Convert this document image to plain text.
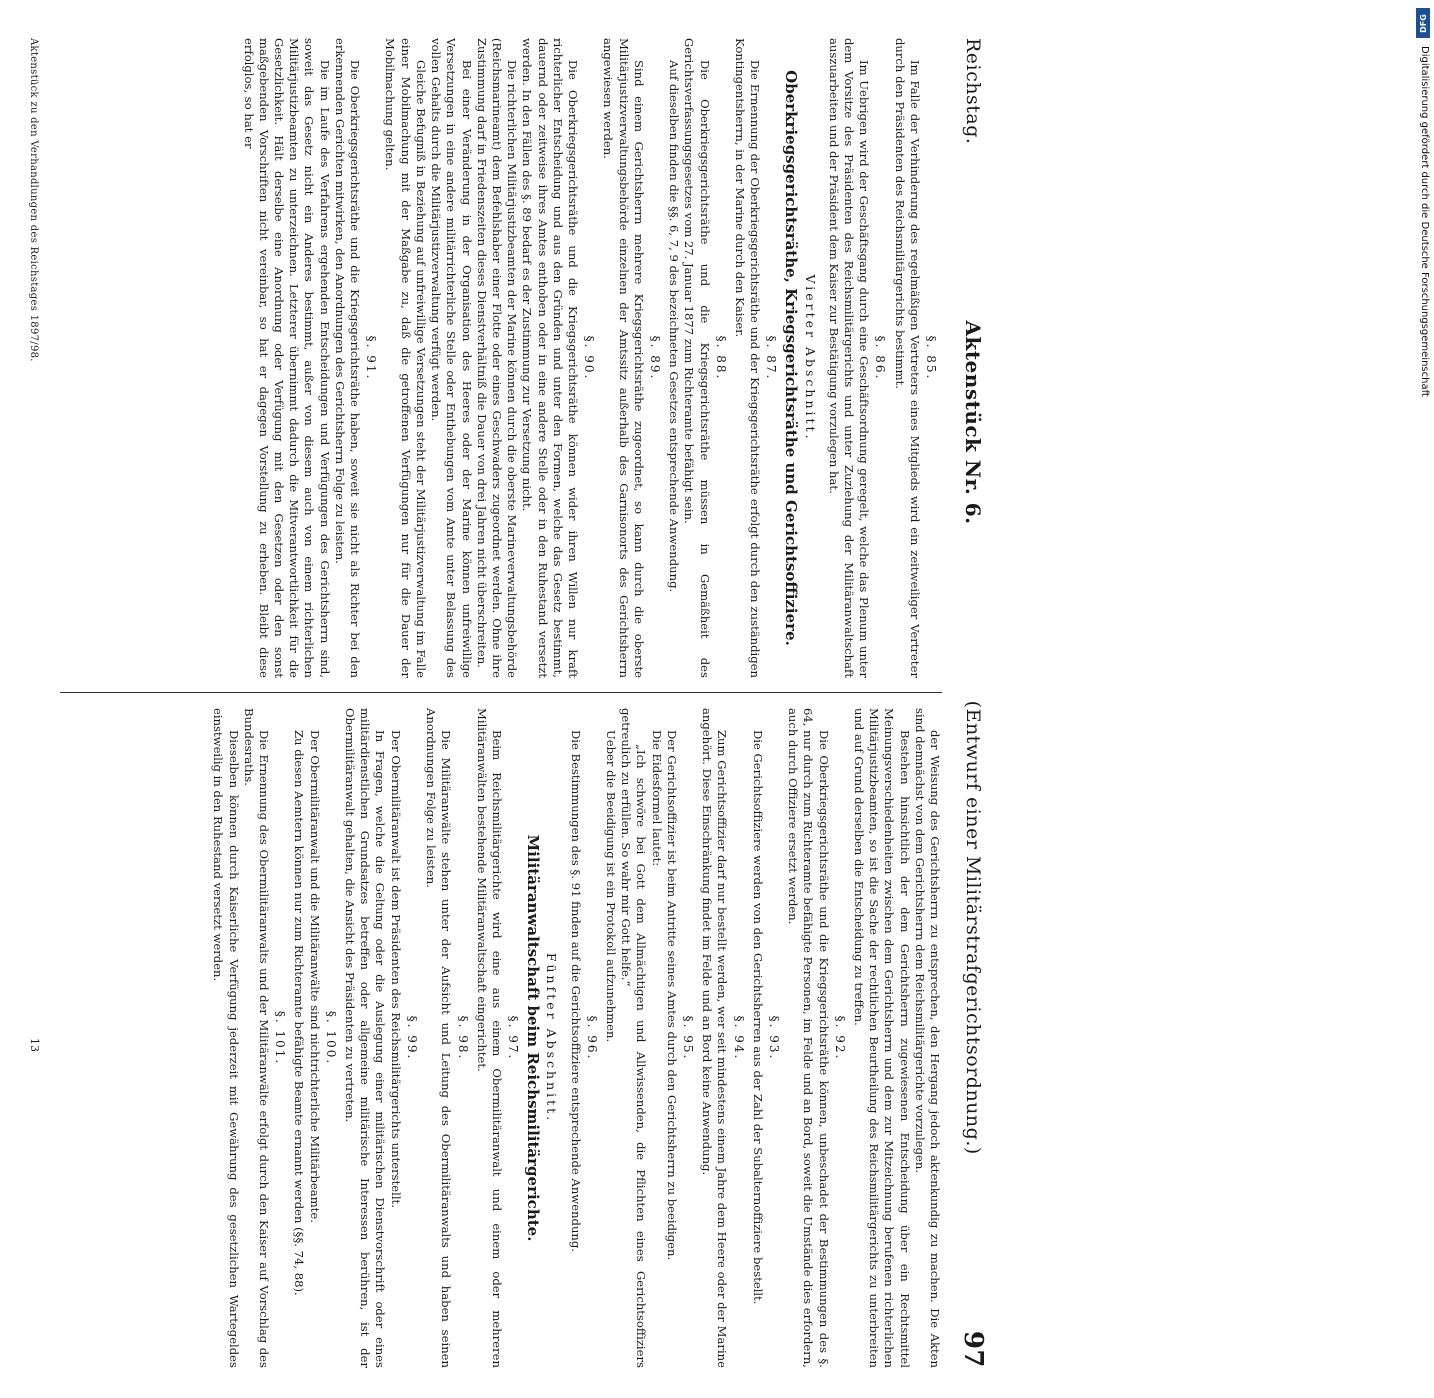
Reichstag.
Aktenstück Nr. 6.
(Entwurf einer Militärstrafgerichtsordnung.)
97

§. 85.

Im Falle der Verhinderung des regelmäßigen Vertreters eines Mitglieds wird ein zeitweiliger Vertreter durch den Präsidenten des Reichsmilitärgerichts bestimmt.

§. 86.

Im Uebrigen wird der Geschäftsgang durch eine Geschäftsordnung geregelt, welche das Plenum unter dem Vorsitze des Präsidenten des Reichsmilitärgerichts und unter Zuziehung der Militäranwaltschaft auszuarbeiten und der Präsident dem Kaiser zur Bestätigung vorzulegen hat.

Vierter Abschnitt.

Oberkriegsgerichtsräthe, Kriegsgerichtsräthe und Gerichtsoffiziere.

§. 87.

Die Ernennung der Oberkriegsgerichtsräthe und der Kriegsgerichtsräthe erfolgt durch den zuständigen Kontingentsherrn, in der Marine durch den Kaiser.

§. 88.

Die Oberkriegsgerichtsräthe und die Kriegsgerichtsräthe müssen in Gemäßheit des Gerichtsverfassungsgesetzes vom 27. Januar 1877 zum Richteramte befähigt sein.

Auf dieselben finden die §§. 6, 7, 9 des bezeichneten Gesetzes entsprechende Anwendung.

§. 89.

Sind einem Gerichtsherrn mehrere Kriegsgerichtsräthe zugeordnet, so kann durch die oberste Militärjustizverwaltungsbehörde einzelnen der Amtssitz außerhalb des Garnisonorts des Gerichtsherrn angewiesen werden.

§. 90.

Die Oberkriegsgerichtsräthe und die Kriegsgerichtsräthe können wider ihren Willen nur kraft richterlicher Entscheidung und aus den Gründen und unter den Formen, welche das Gesetz bestimmt, dauernd oder zeitweise ihres Amtes enthoben oder in eine andere Stelle oder in den Ruhestand versetzt werden. In den Fällen des §. 89 bedarf es der Zustimmung zur Versetzung nicht.

Die richterlichen Militärjustizbeamten der Marine können durch die oberste Marineverwaltungsbehörde (Reichsmarineamt) dem Befehlshaber einer Flotte oder eines Geschwaders zugeordnet werden. Ohne ihre Zustimmung darf in Friedenszeiten dieses Dienstverhältniß die Dauer von drei Jahren nicht überschreiten.

Bei einer Veränderung in der Organisation des Heeres oder der Marine können unfreiwillige Versetzungen in eine andere militärrichterliche Stelle oder Enthebungen vom Amte unter Belassung des vollen Gehalts durch die Militärjustizverwaltung verfügt werden.

Gleiche Befugniß in Beziehung auf unfreiwillige Versetzungen steht der Militärjustizverwaltung im Falle einer Mobilmachung mit der Maßgabe zu, daß die getroffenen Verfügungen nur für die Dauer der Mobilmachung gelten.

§. 91.

Die Oberkriegsgerichtsräthe und die Kriegsgerichtsräthe haben, soweit sie nicht als Richter bei den erkennenden Gerichten mitwirken, den Anordnungen des Gerichtsherrn Folge zu leisten.

Die im Laufe des Verfahrens ergehenden Entscheidungen und Verfügungen des Gerichtsherrn sind, soweit das Gesetz nicht ein Anderes bestimmt, außer von diesem auch von einem richterlichen Militärjustizbeamten zu unterzeichnen. Letzterer übernimmt dadurch die Mitverantwortlichkeit für die Gesetzlichkeit. Hält derselbe eine Anordnung oder Verfügung mit den Gesetzen oder den sonst maßgebenden Vorschriften nicht vereinbar, so hat er dagegen Vorstellung zu erheben. Bleibt diese erfolglos, so hat er

der Weisung des Gerichtsherrn zu entsprechen, den Hergang jedoch aktenkundig zu machen. Die Akten sind demnächst von dem Gerichtsherrn dem Reichsmilitärgerichte vorzulegen.

Bestehen hinsichtlich der dem Gerichtsherrn zugewiesenen Entscheidung über ein Rechtsmittel Meinungsverschiedenheiten zwischen dem Gerichtsherrn und dem zur Mitzeichnung berufenen richterlichen Militärjustizbeamten, so ist die Sache der rechtlichen Beurtheilung des Reichsmilitärgerichts zu unterbreiten und auf Grund derselben die Entscheidung zu treffen.

§. 92.

Die Oberkriegsgerichtsräthe und die Kriegsgerichtsräthe können, unbeschadet der Bestimmungen des §. 64, nur durch zum Richteramte befähigte Personen, im Felde und an Bord, soweit die Umstände dies erfordern, auch durch Offiziere ersetzt werden.

§. 93.

Die Gerichtsoffiziere werden von den Gerichtsherren aus der Zahl der Subalternoffiziere bestellt.

§. 94.

Zum Gerichtsoffizier darf nur bestellt werden, wer seit mindestens einem Jahre dem Heere oder der Marine angehört. Diese Einschränkung findet im Felde und an Bord keine Anwendung.

§. 95.

Der Gerichtsoffizier ist beim Antritte seines Amtes durch den Gerichtsherrn zu beeidigen.

Die Eidesformel lautet:

„Ich schwöre bei Gott dem Allmächtigen und Allwissenden, die Pflichten eines Gerichtsoffiziers getreulich zu erfüllen. So wahr mir Gott helfe.“

Ueber die Beeidigung ist ein Protokoll aufzunehmen.

§. 96.

Die Bestimmungen des §. 91 finden auf die Gerichtsoffiziere entsprechende Anwendung.

Fünfter Abschnitt.

Militäranwaltschaft beim Reichsmilitärgerichte.

§. 97.

Beim Reichsmilitärgerichte wird eine aus einem Obermilitäranwalt und einem oder mehreren Militäranwälten bestehende Militäranwaltschaft eingerichtet.

§. 98.

Die Militäranwälte stehen unter der Aufsicht und Leitung des Obermilitäranwalts und haben seinen Anordnungen Folge zu leisten.

§. 99.

Der Obermilitäranwalt ist dem Präsidenten des Reichsmilitärgerichts unterstellt.

In Fragen, welche die Geltung oder die Auslegung einer militärischen Dienstvorschrift oder eines militärdienstlichen Grundsatzes betreffen oder allgemeine militärische Interessen berühren, ist der Obermilitäranwalt gehalten, die Ansicht des Präsidenten zu vertreten.

§. 100.

Der Obermilitäranwalt und die Militäranwälte sind nichtrichterliche Militärbeamte.

Zu diesen Aemtern können nur zum Richteramte befähigte Beamte ernannt werden (§§. 74, 88).

§. 101.

Die Ernennung des Obermilitäranwalts und der Militäranwälte erfolgt durch den Kaiser auf Vorschlag des Bundesraths.

Dieselben können durch Kaiserliche Verfügung jederzeit mit Gewährung des gesetzlichen Wartegeldes einstweilig in den Ruhestand versetzt werden.

Aktenstück zu den Verhandlungen des Reichstages 1897/98.
13
DFG
Digitalisierung gefördert durch die Deutsche Forschungsgemeinschaft
